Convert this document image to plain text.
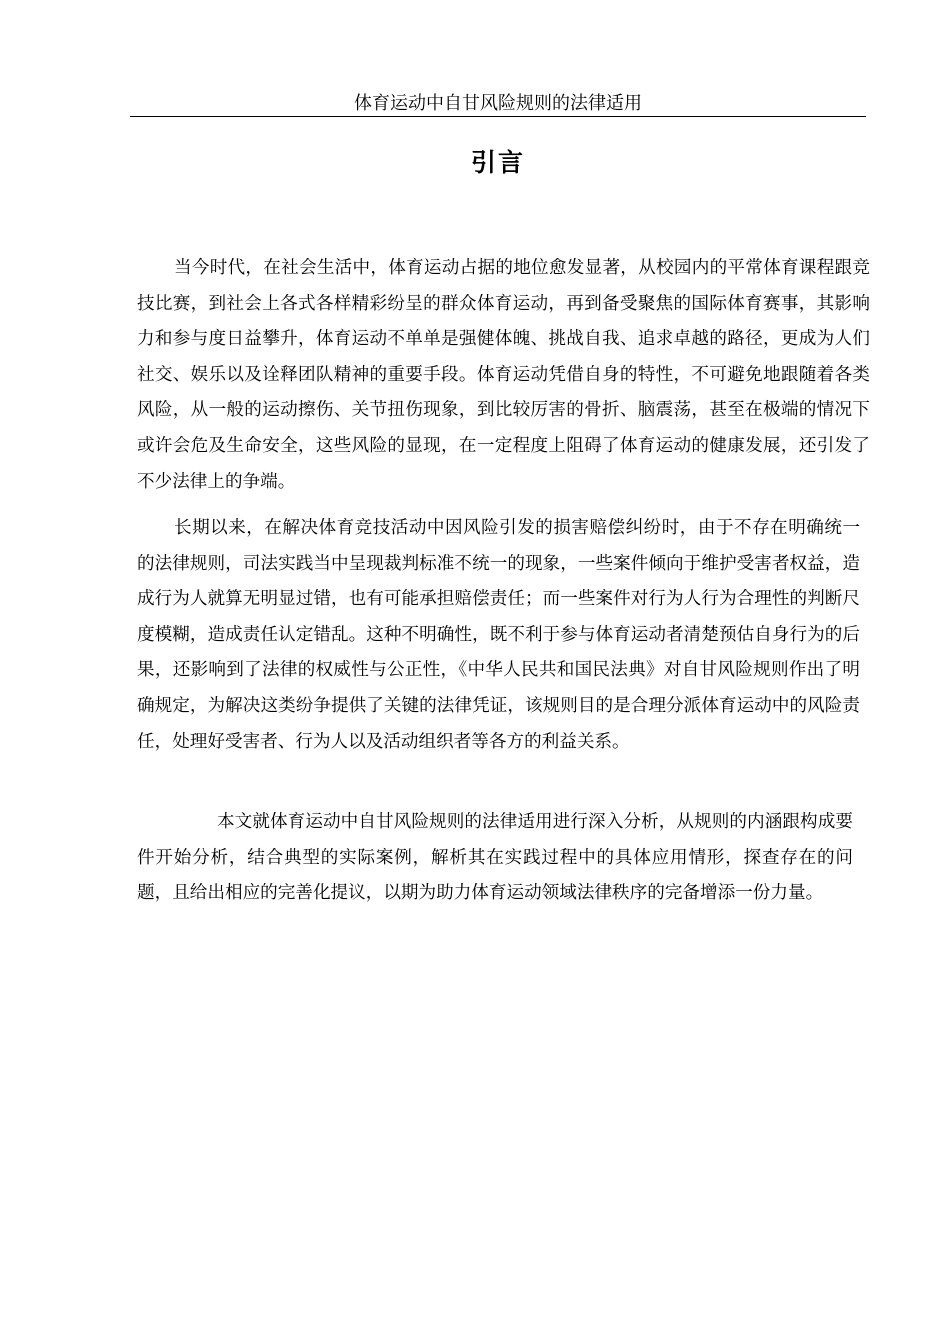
体育运动中自甘风险规则的法律适用
引言

当今时代，在社会生活中，体育运动占据的地位愈发显著，从校园内的平常体育课程跟竞技比赛，到社会上各式各样精彩纷呈的群众体育运动，再到备受聚焦的国际体育赛事，其影响力和参与度日益攀升，体育运动不单单是强健体魄、挑战自我、追求卓越的路径，更成为人们社交、娱乐以及诠释团队精神的重要手段。体育运动凭借自身的特性，不可避免地跟随着各类风险，从一般的运动擦伤、关节扭伤现象，到比较厉害的骨折、脑震荡，甚至在极端的情况下或许会危及生命安全，这些风险的显现，在一定程度上阻碍了体育运动的健康发展，还引发了不少法律上的争端。

长期以来，在解决体育竞技活动中因风险引发的损害赔偿纠纷时，由于不存在明确统一的法律规则，司法实践当中呈现裁判标准不统一的现象，一些案件倾向于维护受害者权益，造成行为人就算无明显过错，也有可能承担赔偿责任；而一些案件对行为人行为合理性的判断尺度模糊，造成责任认定错乱。这种不明确性，既不利于参与体育运动者清楚预估自身行为的后果，还影响到了法律的权威性与公正性，《中华人民共和国民法典》对自甘风险规则作出了明确规定，为解决这类纷争提供了关键的法律凭证，该规则目的是合理分派体育运动中的风险责任，处理好受害者、行为人以及活动组织者等各方的利益关系。

本文就体育运动中自甘风险规则的法律适用进行深入分析，从规则的内涵跟构成要件开始分析，结合典型的实际案例，解析其在实践过程中的具体应用情形，探查存在的问题，且给出相应的完善化提议，以期为助力体育运动领域法律秩序的完备增添一份力量。
